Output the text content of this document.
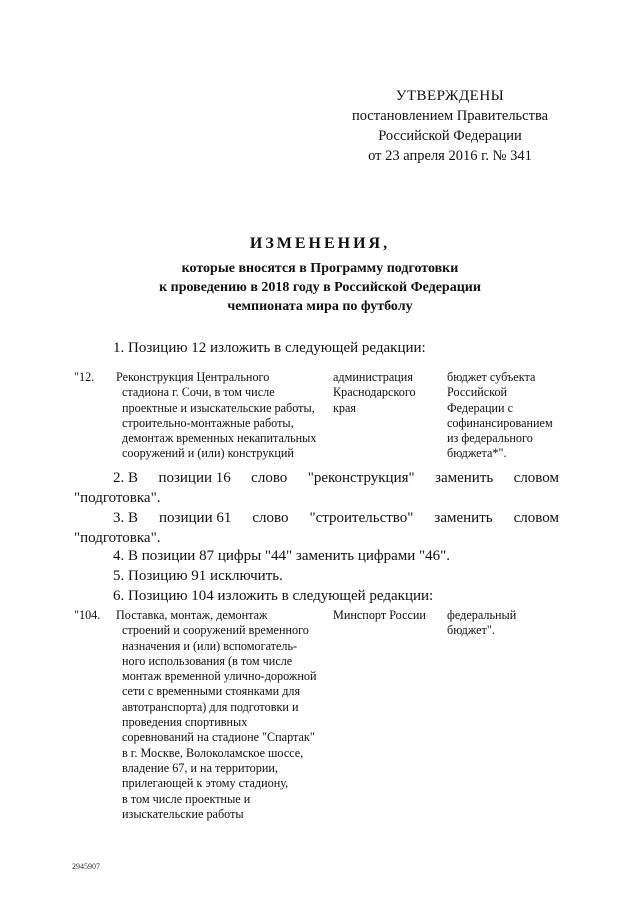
УТВЕРЖДЕНЫ
постановлением Правительства
Российской Федерации
от 23 апреля 2016 г. № 341
ИЗМЕНЕНИЯ,
которые вносятся в Программу подготовки
к проведению в 2018 году в Российской Федерации
чемпионата мира по футболу
1. Позицию 12 изложить в следующей редакции:
"12. Реконструкция Центрального
стадиона г. Сочи, в том числе
проектные и изыскательские работы,
строительно-монтажные работы,
демонтаж временных некапитальных
сооружений и (или) конструкций
администрация
Краснодарского
края
бюджет субъекта
Российской
Федерации с
софинансированием
из федерального
бюджета*".
2. В позиции 16 слово "реконструкция" заменить словом
"подготовка".
3. В позиции 61 слово "строительство" заменить словом
"подготовка".
4. В позиции 87 цифры "44" заменить цифрами "46".
5. Позицию 91 исключить.
6. Позицию 104 изложить в следующей редакции:
"104. Поставка, монтаж, демонтаж
строений и сооружений временного
назначения и (или) вспомогатель-
ного использования (в том числе
монтаж временной улично-дорожной
сети с временными стоянками для
автотранспорта) для подготовки и
проведения спортивных
соревнований на стадионе "Спартак"
в г. Москве, Волоколамское шоссе,
владение 67, и на территории,
прилегающей к этому стадиону,
в том числе проектные и
изыскательские работы
Минспорт России	федеральный
бюджет".
2945907
